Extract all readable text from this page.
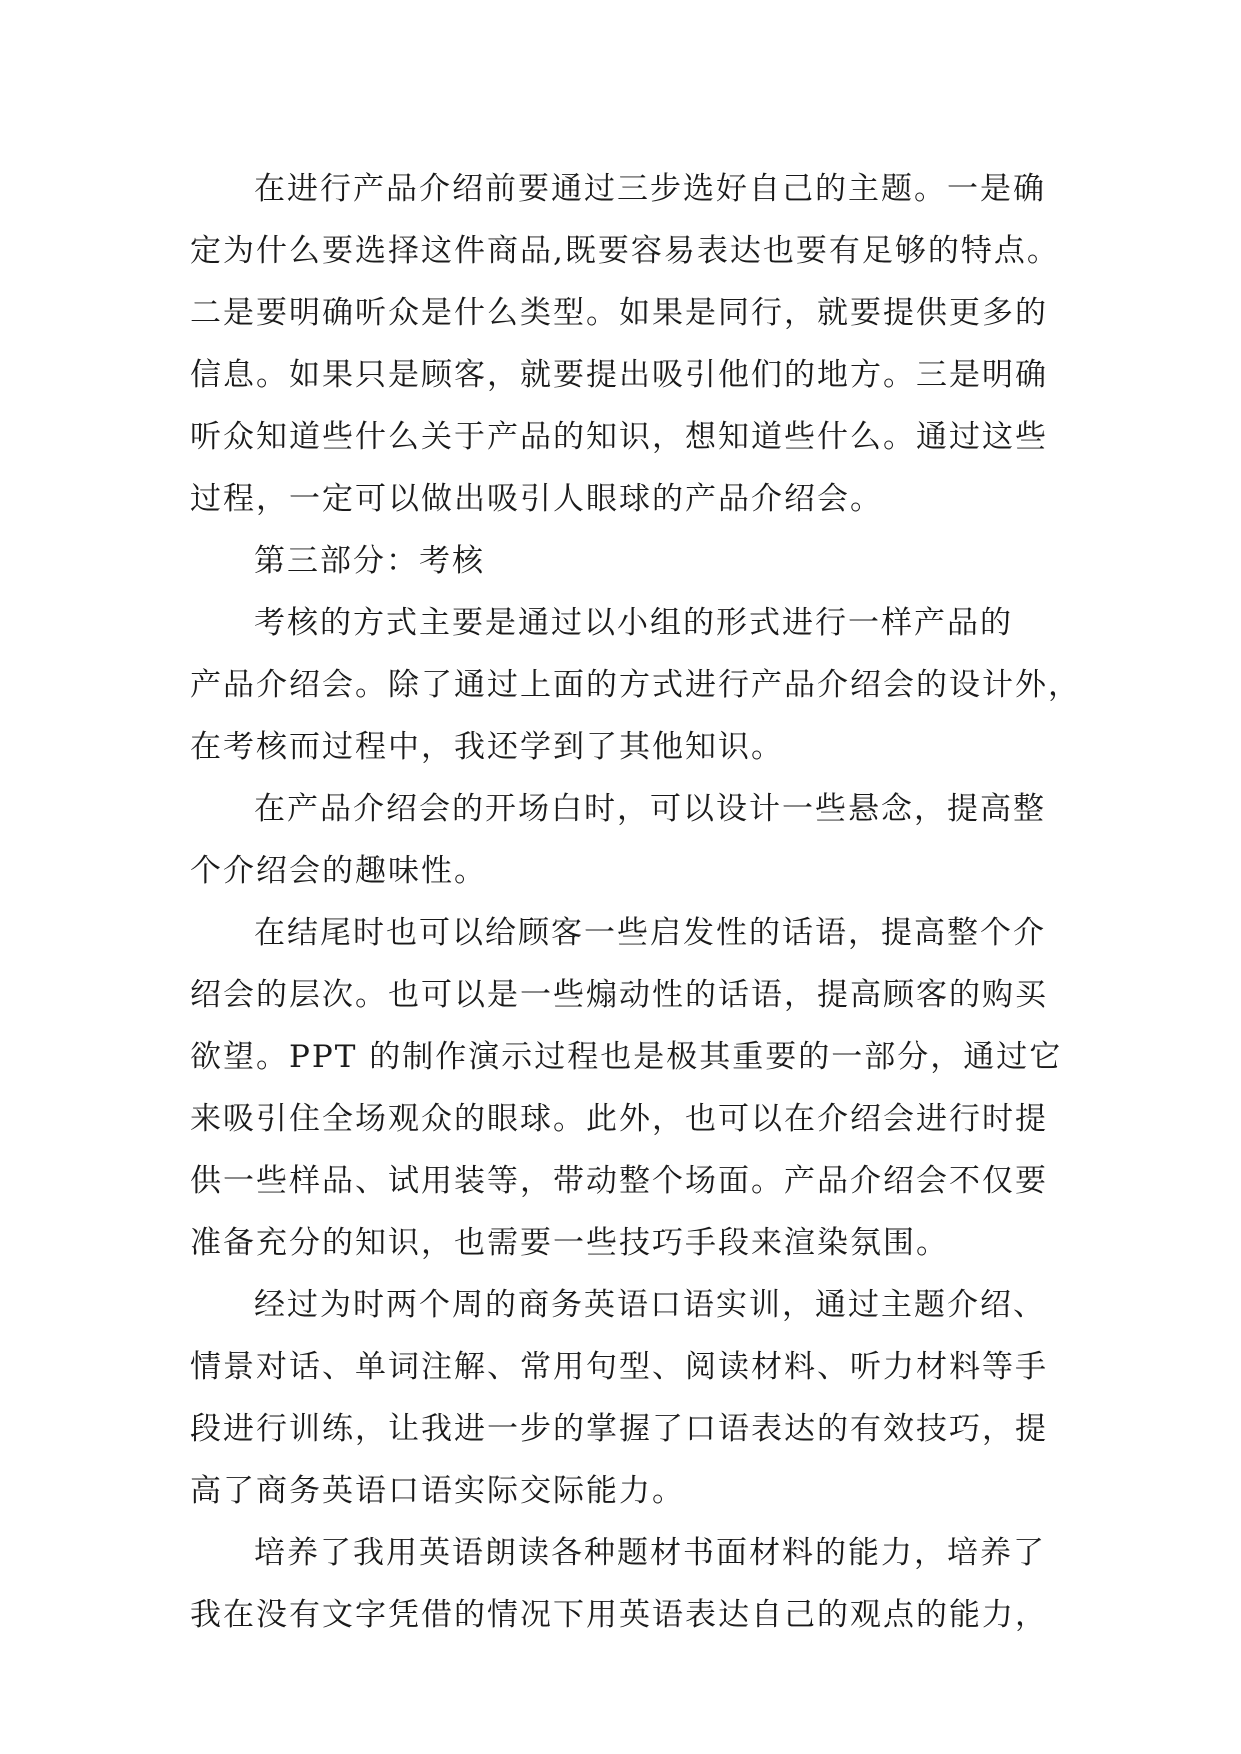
在进行产品介绍前要通过三步选好自己的主题。一是确
定为什么要选择这件商品,既要容易表达也要有足够的特点。
二是要明确听众是什么类型。如果是同行，就要提供更多的
信息。如果只是顾客，就要提出吸引他们的地方。三是明确
听众知道些什么关于产品的知识，想知道些什么。通过这些
过程，一定可以做出吸引人眼球的产品介绍会。
第三部分：考核
考核的方式主要是通过以小组的形式进行一样产品的
产品介绍会。除了通过上面的方式进行产品介绍会的设计外，
在考核而过程中，我还学到了其他知识。
在产品介绍会的开场白时，可以设计一些悬念，提高整
个介绍会的趣味性。
在结尾时也可以给顾客一些启发性的话语，提高整个介
绍会的层次。也可以是一些煽动性的话语，提高顾客的购买
欲望。PPT 的制作演示过程也是极其重要的一部分，通过它
来吸引住全场观众的眼球。此外，也可以在介绍会进行时提
供一些样品、试用装等，带动整个场面。产品介绍会不仅要
准备充分的知识，也需要一些技巧手段来渲染氛围。
经过为时两个周的商务英语口语实训，通过主题介绍、
情景对话、单词注解、常用句型、阅读材料、听力材料等手
段进行训练，让我进一步的掌握了口语表达的有效技巧，提
高了商务英语口语实际交际能力。
培养了我用英语朗读各种题材书面材料的能力，培养了
我在没有文字凭借的情况下用英语表达自己的观点的能力，
